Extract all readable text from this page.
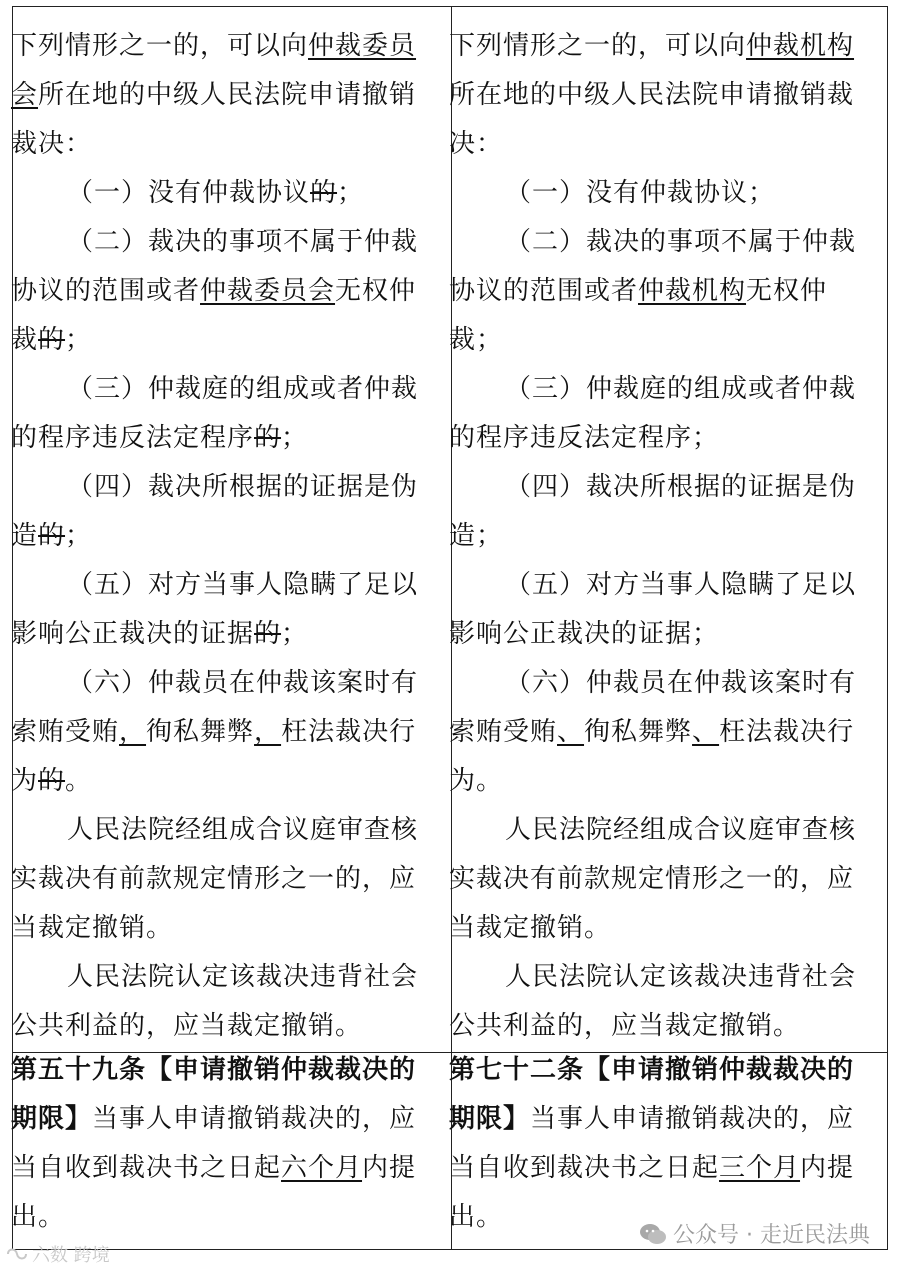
下列情形之一的，可以向仲裁委员会所在地的中级人民法院申请撤销裁决：

（一）没有仲裁协议的；

（二）裁决的事项不属于仲裁协议的范围或者仲裁委员会无权仲裁的；

（三）仲裁庭的组成或者仲裁的程序违反法定程序的；

（四）裁决所根据的证据是伪造的；

（五）对方当事人隐瞒了足以影响公正裁决的证据的；

（六）仲裁员在仲裁该案时有索贿受贿，徇私舞弊，枉法裁决行为的。

人民法院经组成合议庭审查核实裁决有前款规定情形之一的，应当裁定撤销。

人民法院认定该裁决违背社会公共利益的，应当裁定撤销。

下列情形之一的，可以向仲裁机构所在地的中级人民法院申请撤销裁决：

（一）没有仲裁协议；

（二）裁决的事项不属于仲裁协议的范围或者仲裁机构无权仲裁；

（三）仲裁庭的组成或者仲裁的程序违反法定程序；

（四）裁决所根据的证据是伪造；

（五）对方当事人隐瞒了足以影响公正裁决的证据；

（六）仲裁员在仲裁该案时有索贿受贿、徇私舞弊、枉法裁决行为。

人民法院经组成合议庭审查核实裁决有前款规定情形之一的，应当裁定撤销。

人民法院认定该裁决违背社会公共利益的，应当裁定撤销。

第五十九条【申请撤销仲裁裁决的期限】当事人申请撤销裁决的，应当自收到裁决书之日起六个月内提出。

第七十二条【申请撤销仲裁裁决的期限】当事人申请撤销裁决的，应当自收到裁决书之日起三个月内提出。

公众号 · 走近民法典
六数 跨境
